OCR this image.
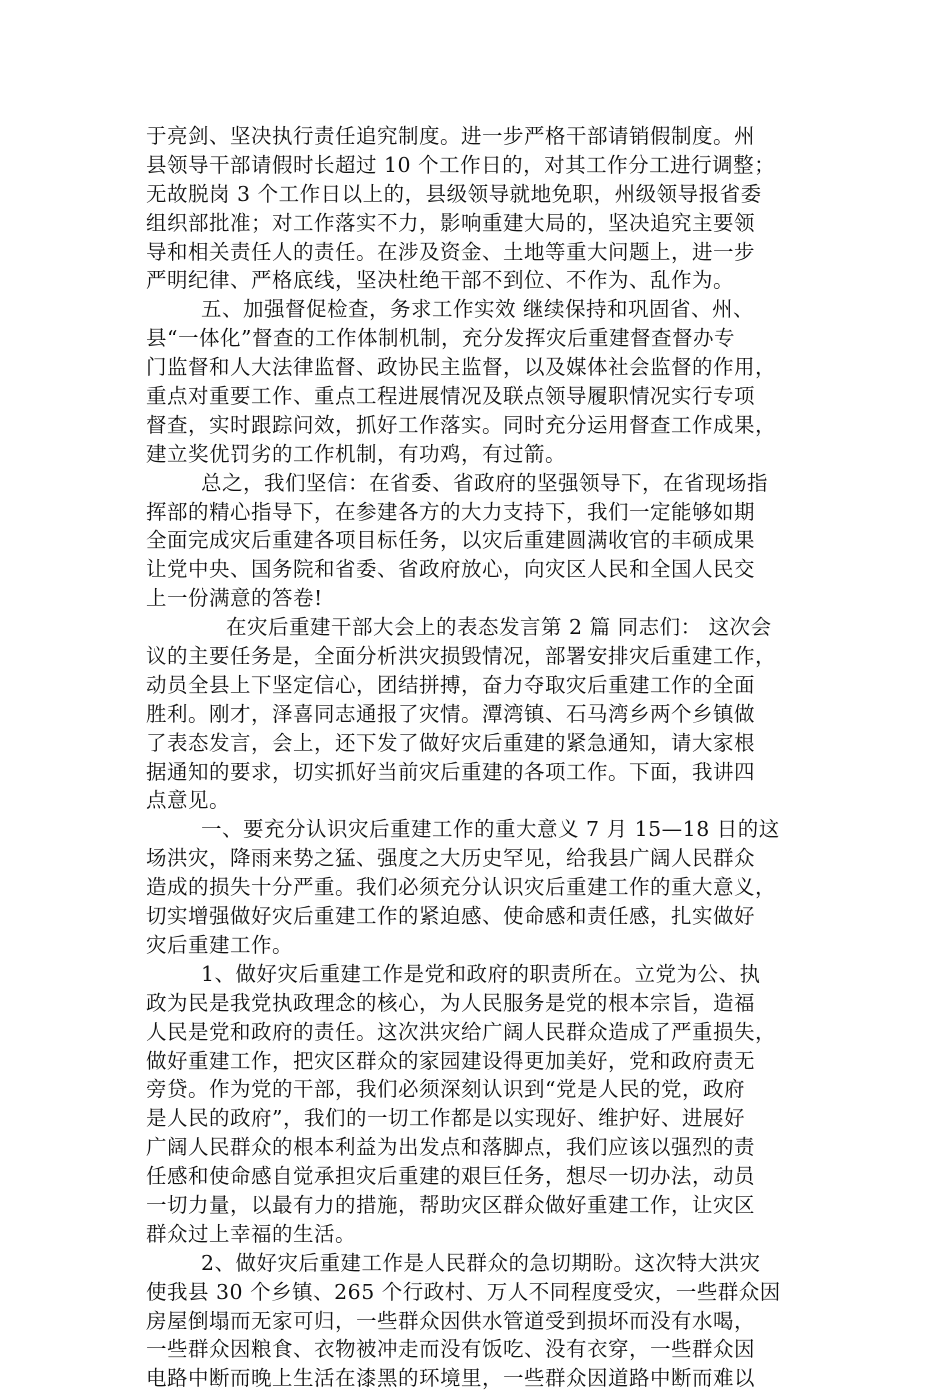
于亮剑、坚决执行责任追究制度。进一步严格干部请销假制度。州
县领导干部请假时长超过 10 个工作日的，对其工作分工进行调整；
无故脱岗 3 个工作日以上的，县级领导就地免职，州级领导报省委
组织部批准；对工作落实不力，影响重建大局的，坚决追究主要领
导和相关责任人的责任。在涉及资金、土地等重大问题上，进一步
严明纪律、严格底线，坚决杜绝干部不到位、不作为、乱作为。
五、加强督促检查，务求工作实效 继续保持和巩固省、州、
县“一体化”督查的工作体制机制，充分发挥灾后重建督查督办专
门监督和人大法律监督、政协民主监督，以及媒体社会监督的作用，
重点对重要工作、重点工程进展情况及联点领导履职情况实行专项
督查，实时跟踪问效，抓好工作落实。同时充分运用督查工作成果，
建立奖优罚劣的工作机制，有功鸡，有过箭。
总之，我们坚信：在省委、省政府的坚强领导下，在省现场指
挥部的精心指导下，在参建各方的大力支持下，我们一定能够如期
全面完成灾后重建各项目标任务，以灾后重建圆满收官的丰硕成果
让党中央、国务院和省委、省政府放心，向灾区人民和全国人民交
上一份满意的答卷!
在灾后重建干部大会上的表态发言第 2 篇 同志们： 这次会
议的主要任务是，全面分析洪灾损毁情况，部署安排灾后重建工作，
动员全县上下坚定信心，团结拼搏，奋力夺取灾后重建工作的全面
胜利。刚才，泽喜同志通报了灾情。潭湾镇、石马湾乡两个乡镇做
了表态发言，会上，还下发了做好灾后重建的紧急通知，请大家根
据通知的要求，切实抓好当前灾后重建的各项工作。下面，我讲四
点意见。
一、要充分认识灾后重建工作的重大意义 7 月 15—18 日的这
场洪灾，降雨来势之猛、强度之大历史罕见，给我县广阔人民群众
造成的损失十分严重。我们必须充分认识灾后重建工作的重大意义，
切实增强做好灾后重建工作的紧迫感、使命感和责任感，扎实做好
灾后重建工作。
1、做好灾后重建工作是党和政府的职责所在。立党为公、执
政为民是我党执政理念的核心，为人民服务是党的根本宗旨，造福
人民是党和政府的责任。这次洪灾给广阔人民群众造成了严重损失，
做好重建工作，把灾区群众的家园建设得更加美好，党和政府责无
旁贷。作为党的干部，我们必须深刻认识到“党是人民的党，政府
是人民的政府”，我们的一切工作都是以实现好、维护好、进展好
广阔人民群众的根本利益为出发点和落脚点，我们应该以强烈的责
任感和使命感自觉承担灾后重建的艰巨任务，想尽一切办法，动员
一切力量，以最有力的措施，帮助灾区群众做好重建工作，让灾区
群众过上幸福的生活。
2、做好灾后重建工作是人民群众的急切期盼。这次特大洪灾
使我县 30 个乡镇、265 个行政村、万人不同程度受灾，一些群众因
房屋倒塌而无家可归，一些群众因供水管道受到损坏而没有水喝，
一些群众因粮食、衣物被冲走而没有饭吃、没有衣穿，一些群众因
电路中断而晚上生活在漆黑的环境里，一些群众因道路中断而难以
